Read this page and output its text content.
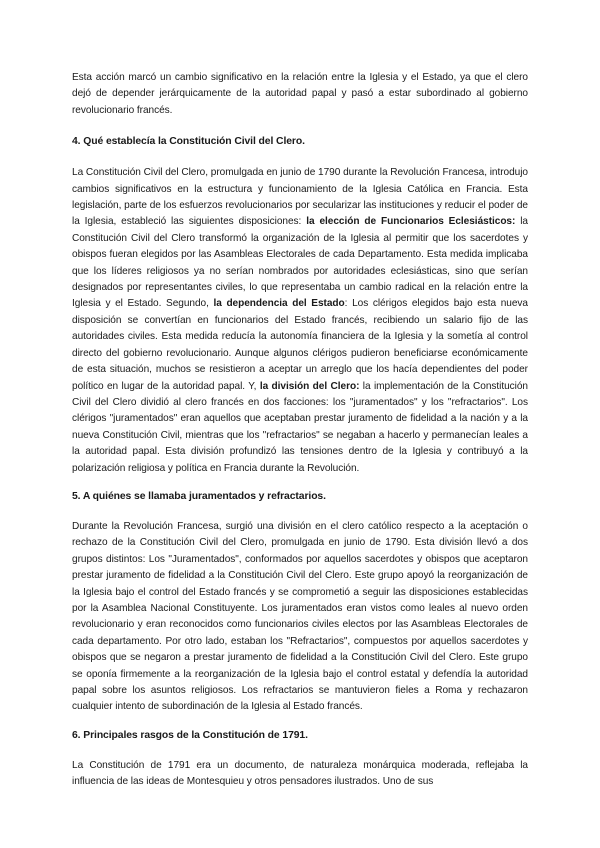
Esta acción marcó un cambio significativo en la relación entre la Iglesia y el Estado, ya que el clero dejó de depender jerárquicamente de la autoridad papal y pasó a estar subordinado al gobierno revolucionario francés.

4. Qué establecía la Constitución Civil del Clero.

La Constitución Civil del Clero, promulgada en junio de 1790 durante la Revolución Francesa, introdujo cambios significativos en la estructura y funcionamiento de la Iglesia Católica en Francia. Esta legislación, parte de los esfuerzos revolucionarios por secularizar las instituciones y reducir el poder de la Iglesia, estableció las siguientes disposiciones: la elección de Funcionarios Eclesiásticos: la Constitución Civil del Clero transformó la organización de la Iglesia al permitir que los sacerdotes y obispos fueran elegidos por las Asambleas Electorales de cada Departamento. Esta medida implicaba que los líderes religiosos ya no serían nombrados por autoridades eclesiásticas, sino que serían designados por representantes civiles, lo que representaba un cambio radical en la relación entre la Iglesia y el Estado. Segundo, la dependencia del Estado: Los clérigos elegidos bajo esta nueva disposición se convertían en funcionarios del Estado francés, recibiendo un salario fijo de las autoridades civiles. Esta medida reducía la autonomía financiera de la Iglesia y la sometía al control directo del gobierno revolucionario. Aunque algunos clérigos pudieron beneficiarse económicamente de esta situación, muchos se resistieron a aceptar un arreglo que los hacía dependientes del poder político en lugar de la autoridad papal. Y, la división del Clero: la implementación de la Constitución Civil del Clero dividió al clero francés en dos facciones: los "juramentados" y los "refractarios". Los clérigos "juramentados" eran aquellos que aceptaban prestar juramento de fidelidad a la nación y a la nueva Constitución Civil, mientras que los "refractarios" se negaban a hacerlo y permanecían leales a la autoridad papal. Esta división profundizó las tensiones dentro de la Iglesia y contribuyó a la polarización religiosa y política en Francia durante la Revolución.

5. A quiénes se llamaba juramentados y refractarios.

Durante la Revolución Francesa, surgió una división en el clero católico respecto a la aceptación o rechazo de la Constitución Civil del Clero, promulgada en junio de 1790. Esta división llevó a dos grupos distintos: Los "Juramentados", conformados por aquellos sacerdotes y obispos que aceptaron prestar juramento de fidelidad a la Constitución Civil del Clero. Este grupo apoyó la reorganización de la Iglesia bajo el control del Estado francés y se comprometió a seguir las disposiciones establecidas por la Asamblea Nacional Constituyente. Los juramentados eran vistos como leales al nuevo orden revolucionario y eran reconocidos como funcionarios civiles electos por las Asambleas Electorales de cada departamento. Por otro lado, estaban los "Refractarios", compuestos por aquellos sacerdotes y obispos que se negaron a prestar juramento de fidelidad a la Constitución Civil del Clero. Este grupo se oponía firmemente a la reorganización de la Iglesia bajo el control estatal y defendía la autoridad papal sobre los asuntos religiosos. Los refractarios se mantuvieron fieles a Roma y rechazaron cualquier intento de subordinación de la Iglesia al Estado francés.

6. Principales rasgos de la Constitución de 1791.

La Constitución de 1791 era un documento, de naturaleza monárquica moderada, reflejaba la influencia de las ideas de Montesquieu y otros pensadores ilustrados. Uno de sus
